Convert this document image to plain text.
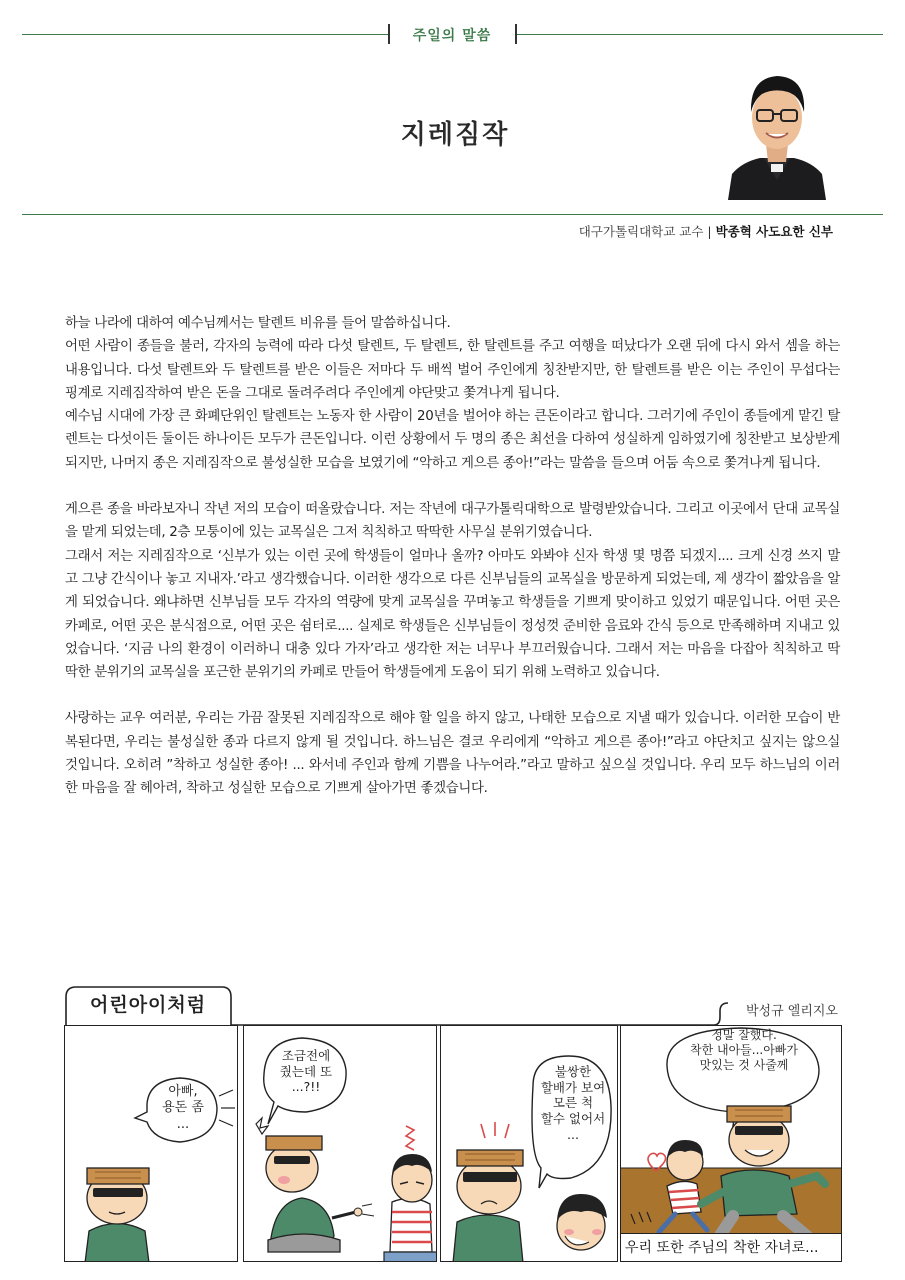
주일의 말씀
지레짐작
대구가톨릭대학교 교수 | 박종혁 사도요한 신부

하늘 나라에 대하여 예수님께서는 탈렌트 비유를 들어 말씀하십니다.

어떤 사람이 종들을 불러, 각자의 능력에 따라 다섯 탈렌트, 두 탈렌트, 한 탈렌트를 주고 여행을 떠났다가 오랜 뒤에 다시 와서 셈을 하는 내용입니다. 다섯 탈렌트와 두 탈렌트를 받은 이들은 저마다 두 배씩 벌어 주인에게 칭찬받지만, 한 탈렌트를 받은 이는 주인이 무섭다는 핑계로 지레짐작하여 받은 돈을 그대로 돌려주려다 주인에게 야단맞고 쫓겨나게 됩니다.

예수님 시대에 가장 큰 화폐단위인 탈렌트는 노동자 한 사람이 20년을 벌어야 하는 큰돈이라고 합니다. 그러기에 주인이 종들에게 맡긴 탈렌트는 다섯이든 둘이든 하나이든 모두가 큰돈입니다. 이런 상황에서 두 명의 종은 최선을 다하여 성실하게 임하였기에 칭찬받고 보상받게 되지만, 나머지 종은 지레짐작으로 불성실한 모습을 보였기에 “악하고 게으른 종아!”라는 말씀을 들으며 어둠 속으로 쫓겨나게 됩니다.

게으른 종을 바라보자니 작년 저의 모습이 떠올랐습니다. 저는 작년에 대구가톨릭대학으로 발령받았습니다. 그리고 이곳에서 단대 교목실을 맡게 되었는데, 2층 모퉁이에 있는 교목실은 그저 칙칙하고 딱딱한 사무실 분위기였습니다.

그래서 저는 지레짐작으로 ‘신부가 있는 이런 곳에 학생들이 얼마나 올까? 아마도 와봐야 신자 학생 몇 명쯤 되겠지.... 크게 신경 쓰지 말고 그냥 간식이나 놓고 지내자.’라고 생각했습니다. 이러한 생각으로 다른 신부님들의 교목실을 방문하게 되었는데, 제 생각이 짧았음을 알게 되었습니다. 왜냐하면 신부님들 모두 각자의 역량에 맞게 교목실을 꾸며놓고 학생들을 기쁘게 맞이하고 있었기 때문입니다. 어떤 곳은 카페로, 어떤 곳은 분식점으로, 어떤 곳은 쉼터로.... 실제로 학생들은 신부님들이 정성껏 준비한 음료와 간식 등으로 만족해하며 지내고 있었습니다. ‘지금 나의 환경이 이러하니 대충 있다 가자’라고 생각한 저는 너무나 부끄러웠습니다. 그래서 저는 마음을 다잡아 칙칙하고 딱딱한 분위기의 교목실을 포근한 분위기의 카페로 만들어 학생들에게 도움이 되기 위해 노력하고 있습니다.

사랑하는 교우 여러분, 우리는 가끔 잘못된 지레짐작으로 해야 할 일을 하지 않고, 나태한 모습으로 지낼 때가 있습니다. 이러한 모습이 반복된다면, 우리는 불성실한 종과 다르지 않게 될 것입니다. 하느님은 결코 우리에게 “악하고 게으른 종아!”라고 야단치고 싶지는 않으실 것입니다. 오히려 ”착하고 성실한 종아! ... 와서네 주인과 함께 기쁨을 나누어라.”라고 말하고 싶으실 것입니다. 우리 모두 하느님의 이러한 마음을 잘 헤아려, 착하고 성실한 모습으로 기쁘게 살아가면 좋겠습니다.

어린아이처럼	박성규 엘리지오
아빠,
용돈 좀
...
조금전에
줬는데 또
...?!!
불쌍한
할배가 보여
모른 척
할수 없어서
...
정말 잘했다.
착한 내아들...아빠가
맛있는 것 사줄께
우리 또한 주님의 착한 자녀로...
